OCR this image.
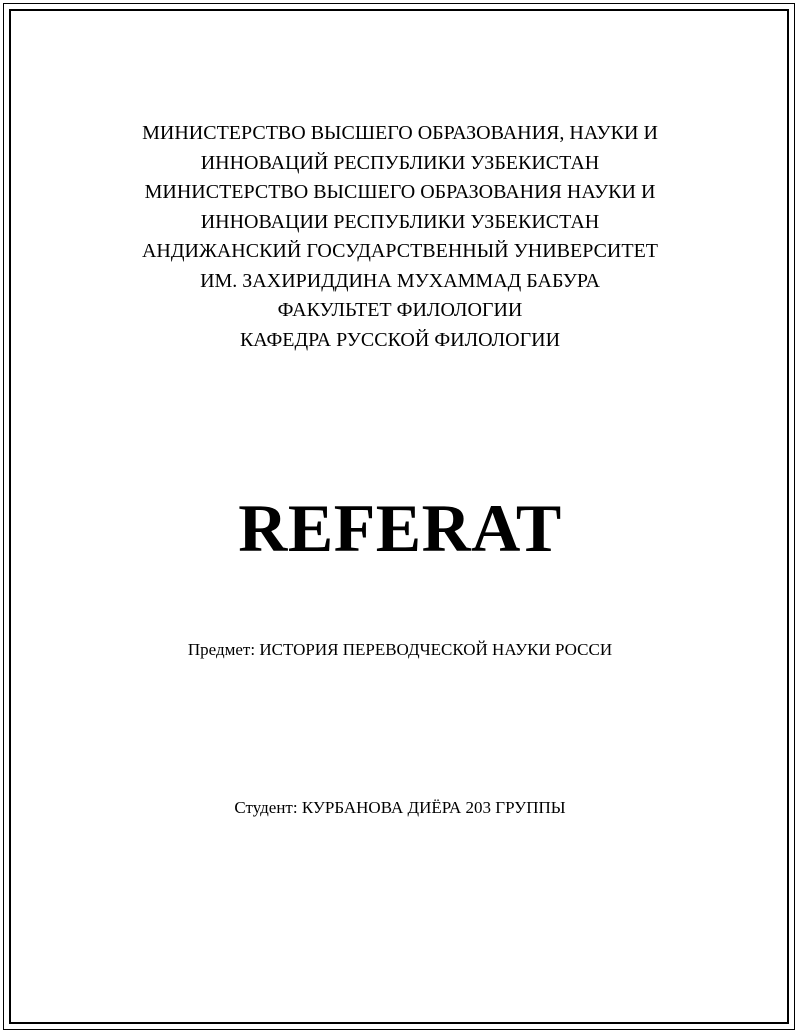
МИНИСТЕРСТВО ВЫСШЕГО ОБРАЗОВАНИЯ, НАУКИ И
ИННОВАЦИЙ РЕСПУБЛИКИ УЗБЕКИСТАН
МИНИСТЕРСТВО ВЫСШЕГО ОБРАЗОВАНИЯ НАУКИ И
ИННОВАЦИИ РЕСПУБЛИКИ УЗБЕКИСТАН
АНДИЖАНСКИЙ ГОСУДАРСТВЕННЫЙ УНИВЕРСИТЕТ
ИМ. ЗАХИРИДДИНА МУХАММАД БАБУРА
ФАКУЛЬТЕТ ФИЛОЛОГИИ
КАФЕДРА РУССКОЙ ФИЛОЛОГИИ
REFERAT
Предмет: ИСТОРИЯ ПЕРЕВОДЧЕСКОЙ НАУКИ РОССИ
Студент: КУРБАНОВА ДИЁРА 203 ГРУППЫ
